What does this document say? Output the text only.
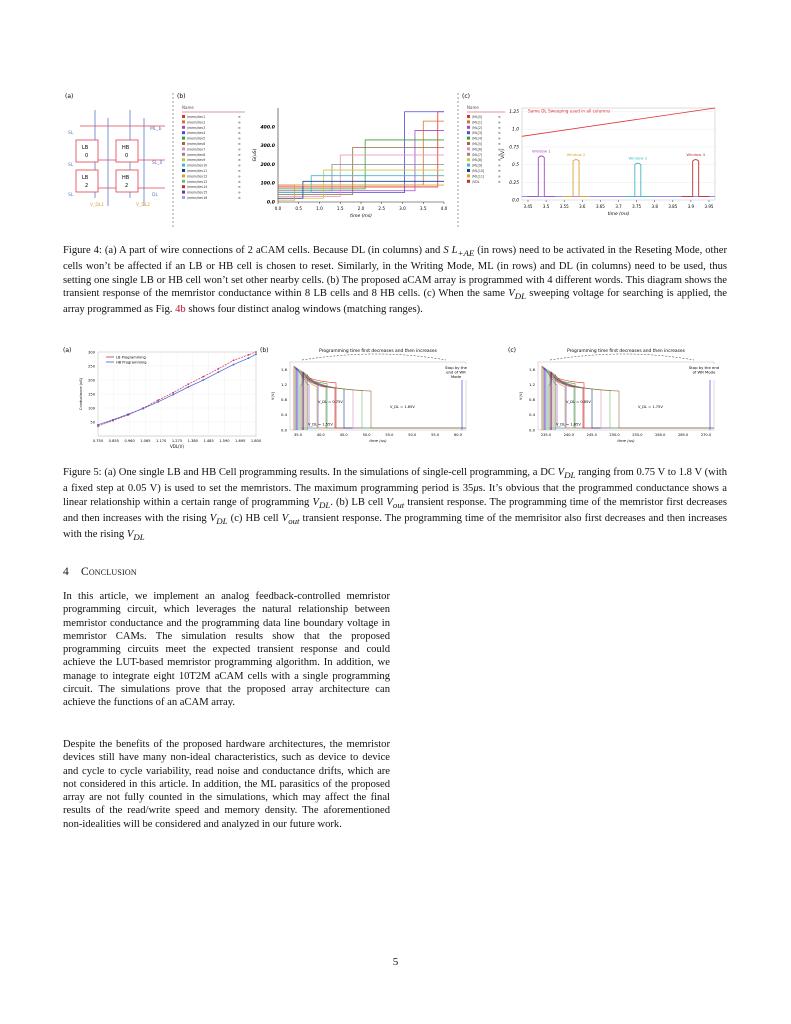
(a)
SL
ML_b
SL_0
SL
SL	DL
LB
0
HB
0
LB
2
HB
2
V_DL1	V_DL2
(b)
Name
/mem/dev1	⊕
/mem/dev2	⊕
/mem/dev3	⊕
/mem/dev4	⊕
/mem/dev5	⊕
/mem/dev6	⊕
/mem/dev7	⊕
/mem/dev8	⊕
/mem/dev9	⊕
/mem/dev10	⊕
/mem/dev11	⊕
/mem/dev12	⊕
/mem/dev13	⊕
/mem/dev14	⊕
/mem/dev15	⊕
/mem/dev16	⊕
0.0	0.5	1.0	1.5	2.0	2.5	3.0	3.5	4.0
0.0
100.0
200.0
300.0
400.0
time (ms)
G(uS)
(c)
Name
/ML[0]	⊕
/ML[1]	⊕
/ML[2]	⊕
/ML[3]	⊕
/ML[4]	⊕
/ML[5]	⊕
/ML[6]	⊕
/ML[7]	⊕
/ML[8]	⊕
/ML[9]	⊕
/ML[10]	⊕
/ML[11]	⊕
/VDL	⊕
3.45	3.5	3.55	3.6	3.65	3.7	3.75	3.8	3.85	3.9	3.95
0.0
0.25
0.5
0.75
1.0
1.25
time (ms)
V(V)
Same DL Sweeping used in all columns
Window 1
Window 2
Window 3
Window 4
Figure 4: (a) A part of wire connections of 2 aCAM cells. Because DL (in columns) and S $L_{+AE}$ (in rows) need to be activated in the Reseting Mode, other cells won’t be affected if an LB or HB cell is chosen to reset. Similarly, in the Writing Mode, ML (in rows) and DL (in columns) need to be used, thus setting one single LB or HB cell won’t set other nearby cells. (b) The proposed aCAM array is programmed with 4 different words. This diagram shows the transient response of the memristor conductance within 8 LB cells and 8 HB cells. (c) When the same $V_{DL}$ sweeping voltage for searching is applied, the array programmed as Fig. 4b shows four distinct analog windows (matching ranges).
(a)
0.750 0.855 0.960 1.065 1.170 1.275 1.380 1.485 1.590 1.695 1.800
50
100
150
200
250
300
VDL(V)
Conductance (uS)
LB Programming
HB Programming
(b)	Programming time first decreases and then increases
35.0	40.0	45.0	50.0	55.0	50.0	55.0	60.0
0.0
0.4
0.8
1.2
1.6
time (us)
V(V)
Stop by the
end of WR
Mode
V_DL = 0.75V
V_DL = 1.65V
V_DL = 1.55V
(c)	Programming time first decreases and then increases
235.0	240.0	245.0	250.0	255.0	260.0	265.0	270.0
0.0
0.4
0.8
1.2
1.6
time (us)
V(V)
Stop by the end
of WR Mode
V_DL = 0.85V
V_DL = 1.75V
V_DL = 1.65V
Figure 5: (a) One single LB and HB Cell programming results. In the simulations of single-cell programming, a DC $V_{DL}$ ranging from 0.75 V to 1.8 V (with a fixed step at 0.05 V) is used to set the memristors. The maximum programming period is 35μs. It’s obvious that the programmed conductance shows a linear relationship within a certain range of programming $V_{DL}$. (b) LB cell $V_{out}$ transient response. The programming time of the memristor first decreases and then increases with the rising $V_{DL}$ (c) HB cell $V_{out}$ transient response. The programming time of the memrisitor also first decreases and then increases with the rising $V_{DL}$
4 Conclusion
In this article, we implement an analog feedback-controlled memristor programming circuit, which leverages the natural relationship between memristor conductance and the programming data line boundary voltage in memristor CAMs. The simulation results show that the proposed programming circuits meet the expected transient response and could achieve the LUT-based memristor programming algorithm. In addition, we manage to integrate eight 10T2M aCAM cells with a single programming circuit. The simulations prove that the proposed array architecture can achieve the functions of an aCAM array.
Despite the benefits of the proposed hardware architectures, the memristor devices still have many non-ideal characteristics, such as device to device and cycle to cycle variability, read noise and conductance drifts, which are not considered in this article. In addition, the ML parasitics of the proposed array are not fully counted in the simulations, which may affect the final results of the read/write speed and memory density. The aforementioned non-idealities will be considered and analyzed in our future work.
5
